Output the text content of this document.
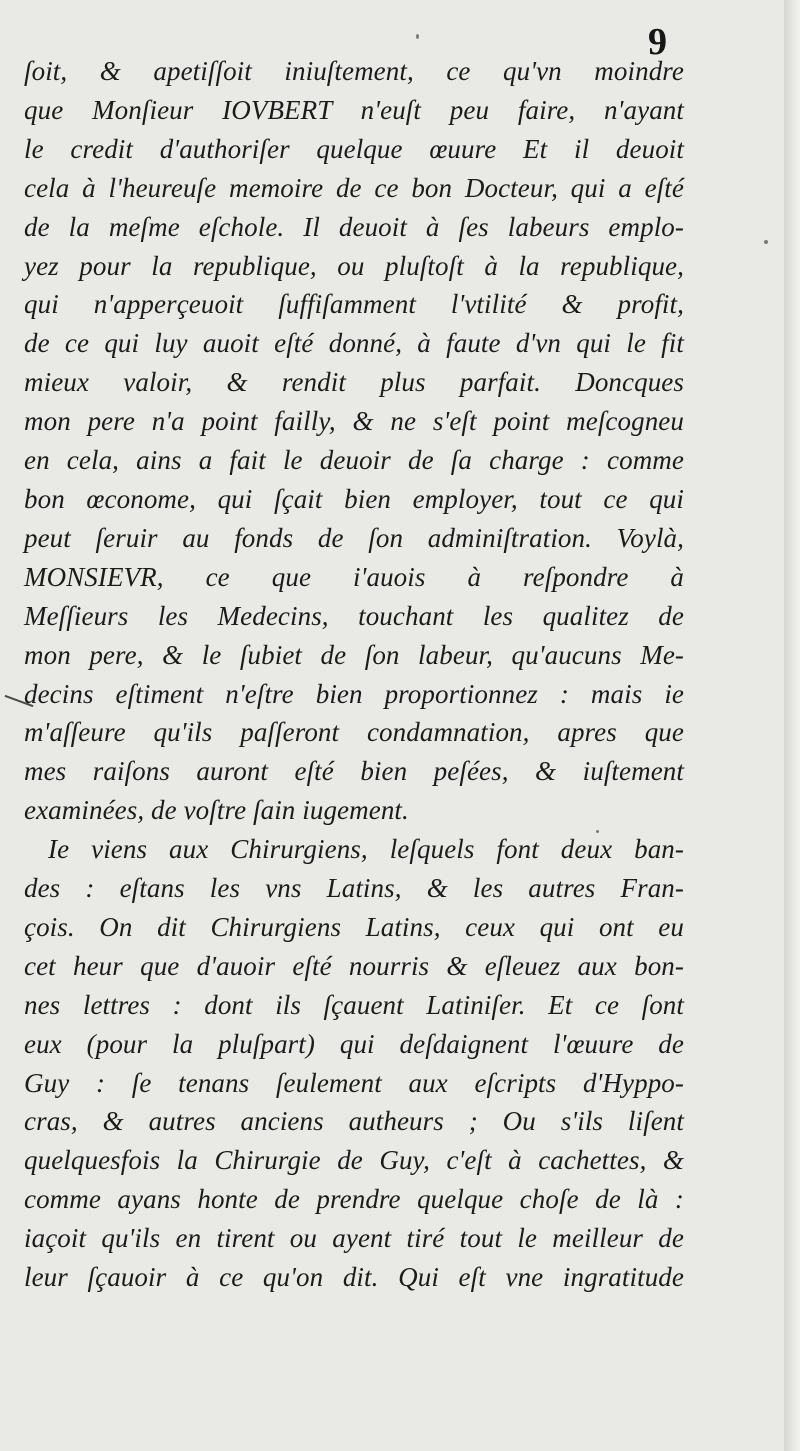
9
ſoit, & apetiſſoit iniuſtement, ce qu'vn moindre
que Monſieur IOVBERT n'euſt peu faire, n'ayant
le credit d'authoriſer quelque œuure Et il deuoit
cela à l'heureuſe memoire de ce bon Docteur, qui a eſté
de la meſme eſchole. Il deuoit à ſes labeurs emplo-
yez pour la republique, ou pluſtoſt à la republique,
qui n'apperçeuoit ſuffiſamment l'vtilité & profit,
de ce qui luy auoit eſté donné, à faute d'vn qui le fit
mieux valoir, & rendit plus parfait. Doncques
mon pere n'a point failly, & ne s'eſt point meſcogneu
en cela, ains a fait le deuoir de ſa charge : comme
bon œconome, qui ſçait bien employer, tout ce qui
peut ſeruir au fonds de ſon adminiſtration. Voylà,
MONSIEVR, ce que i'auois à reſpondre à
Meſſieurs les Medecins, touchant les qualitez de
mon pere, & le ſubiet de ſon labeur, qu'aucuns Me-
decins eſtiment n'eſtre bien proportionnez : mais ie
m'aſſeure qu'ils paſſeront condamnation, apres que
mes raiſons auront eſté bien peſées, & iuſtement
examinées, de voſtre ſain iugement.
Ie viens aux Chirurgiens, leſquels font deux ban-
des : eſtans les vns Latins, & les autres Fran-
çois. On dit Chirurgiens Latins, ceux qui ont eu
cet heur que d'auoir eſté nourris & eſleuez aux bon-
nes lettres : dont ils ſçauent Latiniſer. Et ce ſont
eux (pour la pluſpart) qui deſdaignent l'œuure de
Guy : ſe tenans ſeulement aux eſcripts d'Hyppo-
cras, & autres anciens autheurs ; Ou s'ils liſent
quelquesfois la Chirurgie de Guy, c'eſt à cachettes, &
comme ayans honte de prendre quelque choſe de là :
iaçoit qu'ils en tirent ou ayent tiré tout le meilleur de
leur ſçauoir à ce qu'on dit. Qui eſt vne ingratitude
